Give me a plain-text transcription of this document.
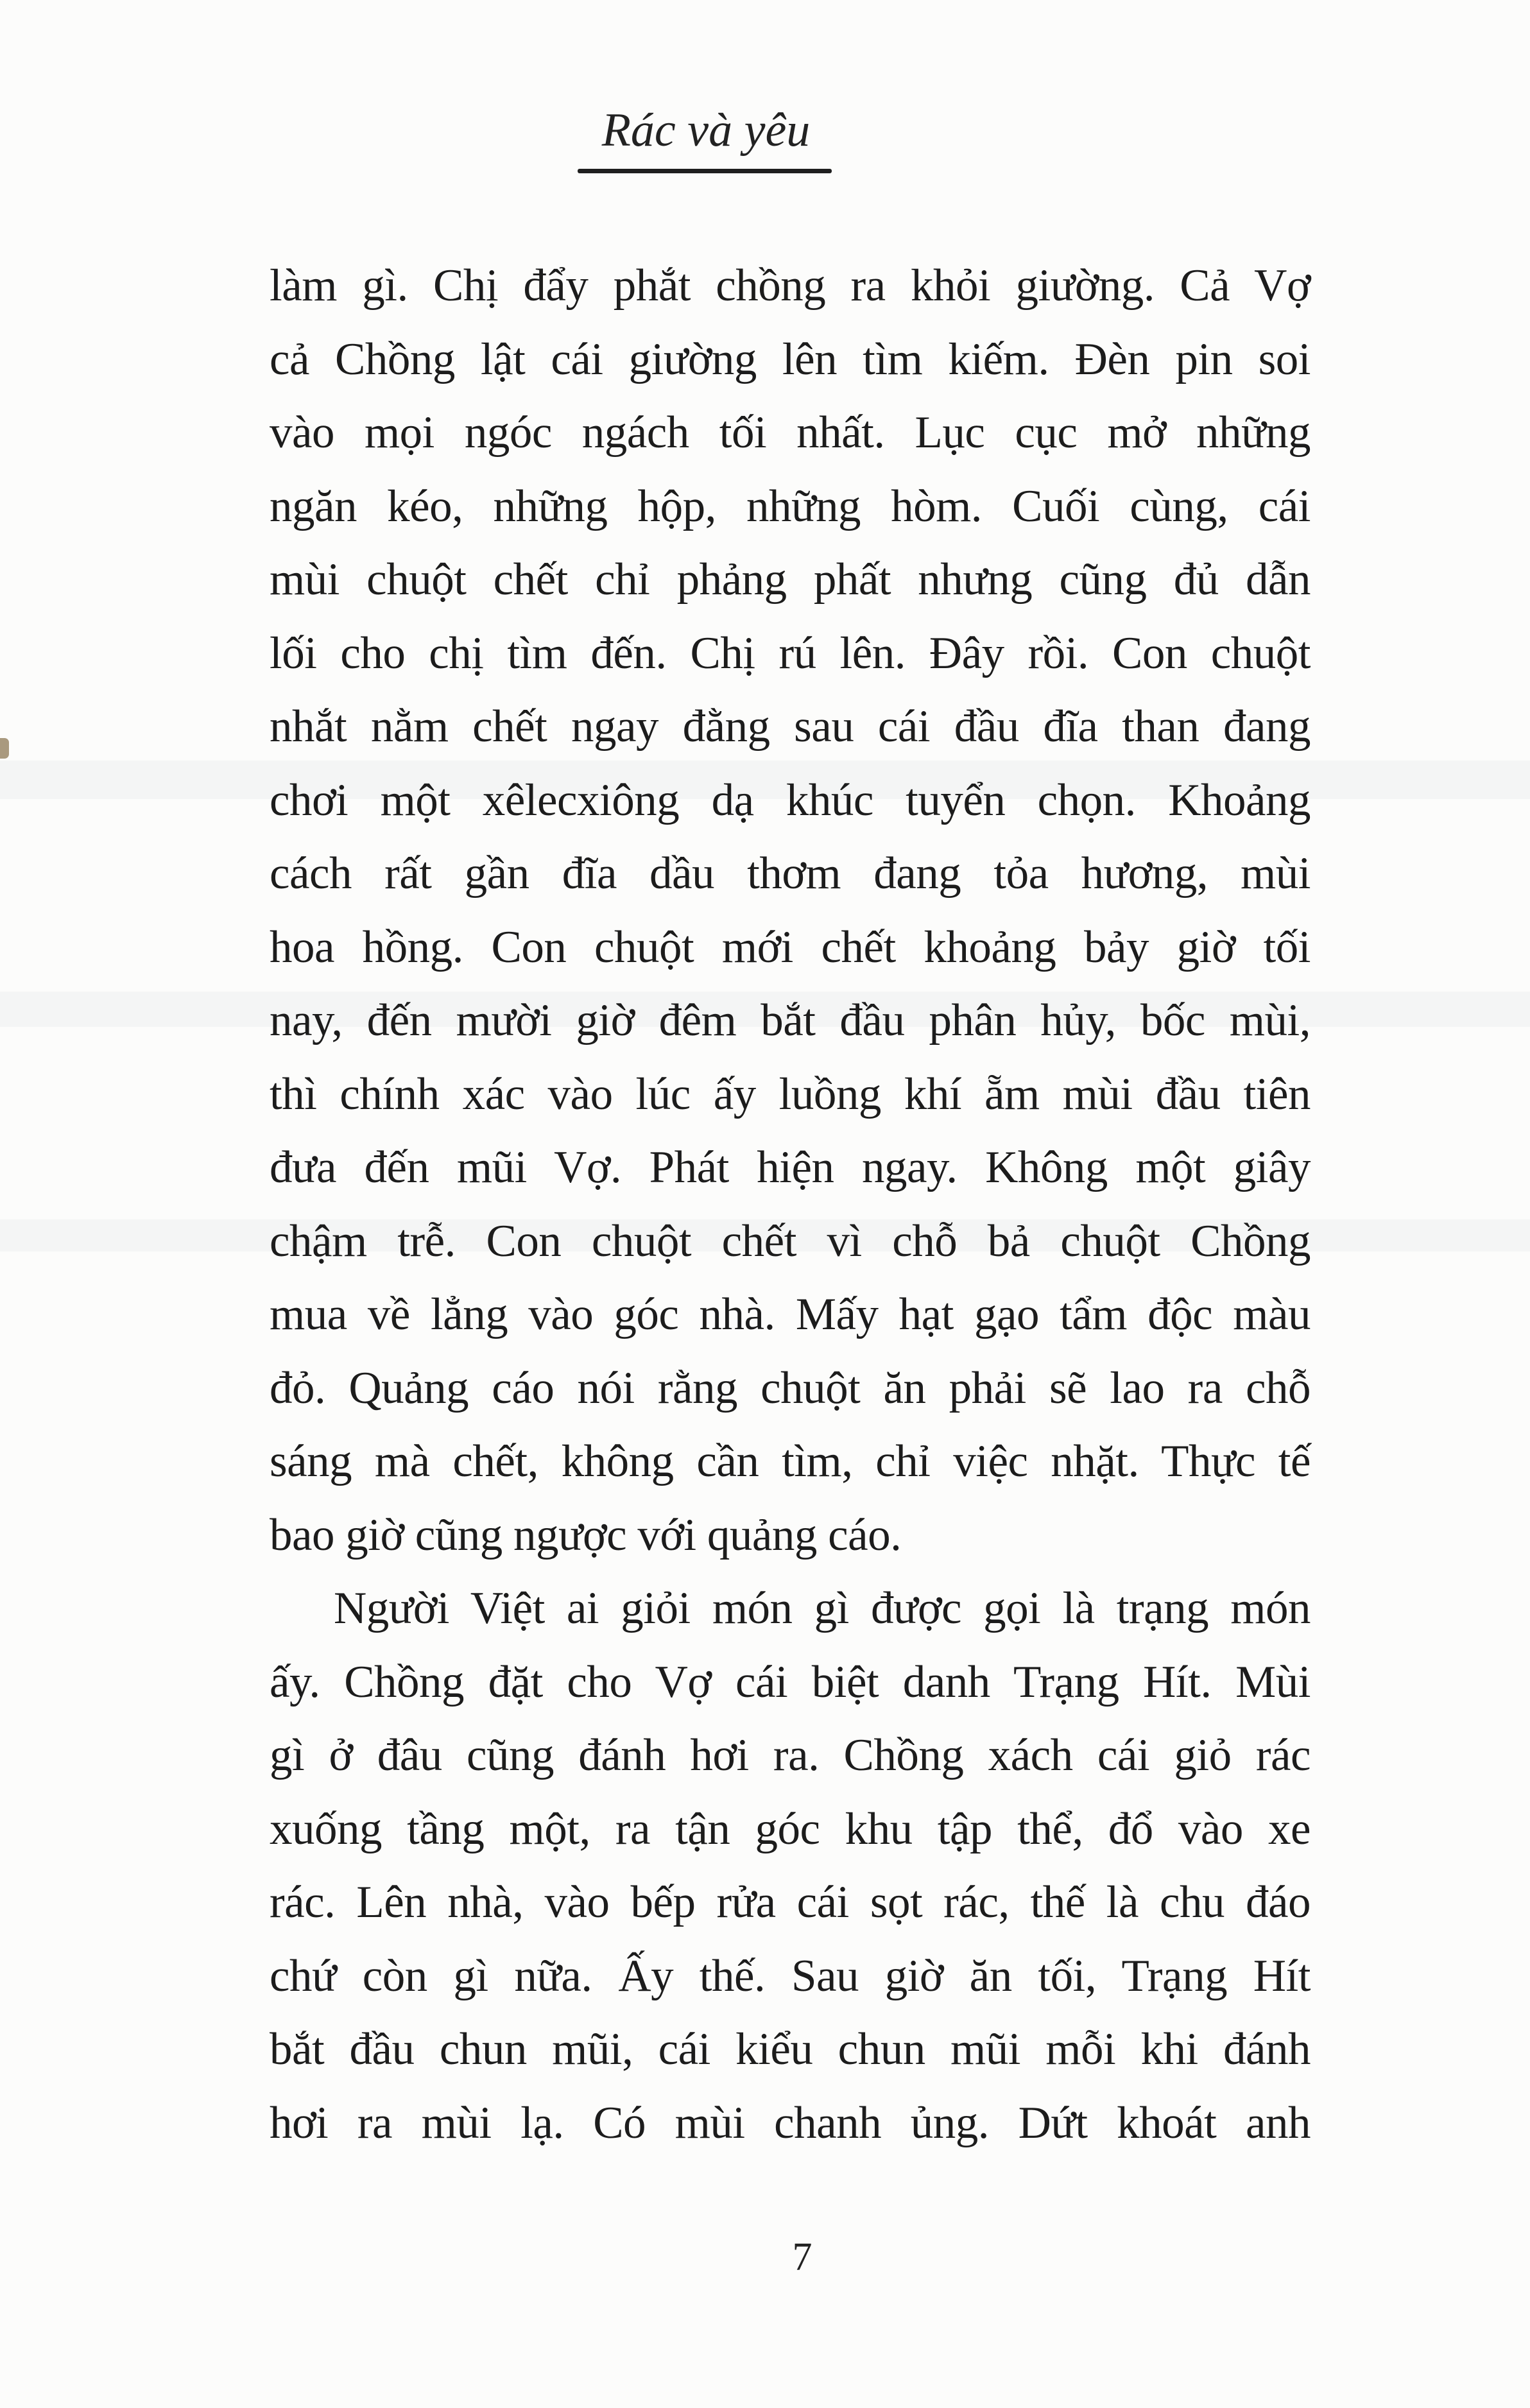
Rác và yêu
làm gì. Chị đẩy phắt chồng ra khỏi giường. Cả Vợ
cả Chồng lật cái giường lên tìm kiếm. Đèn pin soi
vào mọi ngóc ngách tối nhất. Lục cục mở những
ngăn kéo, những hộp, những hòm. Cuối cùng, cái
mùi chuột chết chỉ phảng phất nhưng cũng đủ dẫn
lối cho chị tìm đến. Chị rú lên. Đây rồi. Con chuột
nhắt nằm chết ngay đằng sau cái đầu đĩa than đang
chơi một xêlecxiông dạ khúc tuyển chọn. Khoảng
cách rất gần đĩa dầu thơm đang tỏa hương, mùi
hoa hồng. Con chuột mới chết khoảng bảy giờ tối
nay, đến mười giờ đêm bắt đầu phân hủy, bốc mùi,
thì chính xác vào lúc ấy luồng khí ẵm mùi đầu tiên
đưa đến mũi Vợ. Phát hiện ngay. Không một giây
chậm trễ. Con chuột chết vì chỗ bả chuột Chồng
mua về lẳng vào góc nhà. Mấy hạt gạo tẩm độc màu
đỏ. Quảng cáo nói rằng chuột ăn phải sẽ lao ra chỗ
sáng mà chết, không cần tìm, chỉ việc nhặt. Thực tế
bao giờ cũng ngược với quảng cáo.
Người Việt ai giỏi món gì được gọi là trạng món
ấy. Chồng đặt cho Vợ cái biệt danh Trạng Hít. Mùi
gì ở đâu cũng đánh hơi ra. Chồng xách cái giỏ rác
xuống tầng một, ra tận góc khu tập thể, đổ vào xe
rác. Lên nhà, vào bếp rửa cái sọt rác, thế là chu đáo
chứ còn gì nữa. Ấy thế. Sau giờ ăn tối, Trạng Hít
bắt đầu chun mũi, cái kiểu chun mũi mỗi khi đánh
hơi ra mùi lạ. Có mùi chanh ủng. Dứt khoát anh
7
